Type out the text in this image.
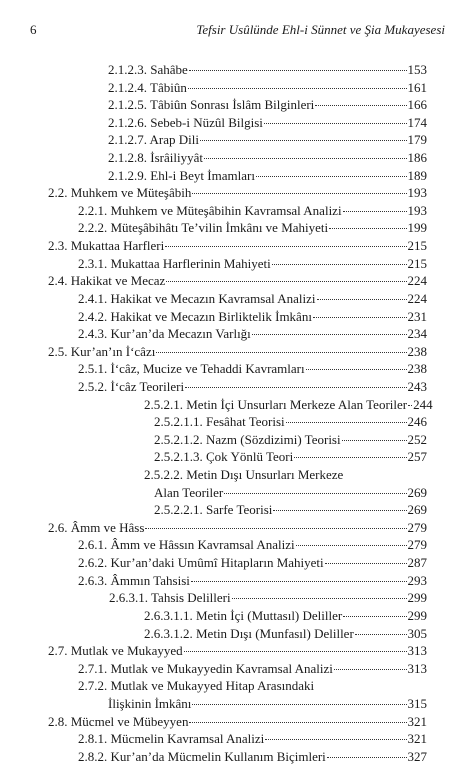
6	Tefsir Usûlünde Ehl-i Sünnet ve Şia Mukayesesi
2.1.2.3. Sahâbe	153
2.1.2.4. Tâbiûn	161
2.1.2.5. Tâbiûn Sonrası İslâm Bilginleri	166
2.1.2.6. Sebeb-i Nüzûl Bilgisi	174
2.1.2.7. Arap Dili	179
2.1.2.8. İsrâiliyyât	186
2.1.2.9. Ehl-i Beyt İmamları	189
2.2. Muhkem ve Müteşâbih	193
2.2.1. Muhkem ve Müteşâbihin Kavramsal Analizi	193
2.2.2. Müteşâbihâtı Te’vilin İmkânı ve Mahiyeti	199
2.3. Mukattaa Harfleri	215
2.3.1. Mukattaa Harflerinin Mahiyeti	215
2.4. Hakikat ve Mecaz	224
2.4.1. Hakikat ve Mecazın Kavramsal Analizi	224
2.4.2. Hakikat ve Mecazın Birliktelik İmkânı	231
2.4.3. Kur’an’da Mecazın Varlığı	234
2.5. Kur’an’ın İ‘câzı	238
2.5.1. İ‘câz, Mucize ve Tehaddi Kavramları	238
2.5.2. İ‘câz Teorileri	243
2.5.2.1. Metin İçi Unsurları Merkeze Alan Teoriler 244
2.5.2.1.1. Fesâhat Teorisi	246
2.5.2.1.2. Nazm (Sözdizimi) Teorisi	252
2.5.2.1.3. Çok Yönlü Teori	257
2.5.2.2. Metin Dışı Unsurları Merkeze
Alan Teoriler	269
2.5.2.2.1. Sarfe Teorisi	269
2.6. Âmm ve Hâss	279
2.6.1. Âmm ve Hâssın Kavramsal Analizi	279
2.6.2. Kur’an’daki Umûmî Hitapların Mahiyeti	287
2.6.3. Âmmın Tahsisi	293
2.6.3.1. Tahsis Delilleri	299
2.6.3.1.1. Metin İçi (Muttasıl) Deliller	299
2.6.3.1.2. Metin Dışı (Munfasıl) Deliller	305
2.7. Mutlak ve Mukayyed	313
2.7.1. Mutlak ve Mukayyedin Kavramsal Analizi	313
2.7.2. Mutlak ve Mukayyed Hitap Arasındaki
İlişkinin İmkânı	315
2.8. Mücmel ve Mübeyyen	321
2.8.1. Mücmelin Kavramsal Analizi	321
2.8.2. Kur’an’da Mücmelin Kullanım Biçimleri	327
